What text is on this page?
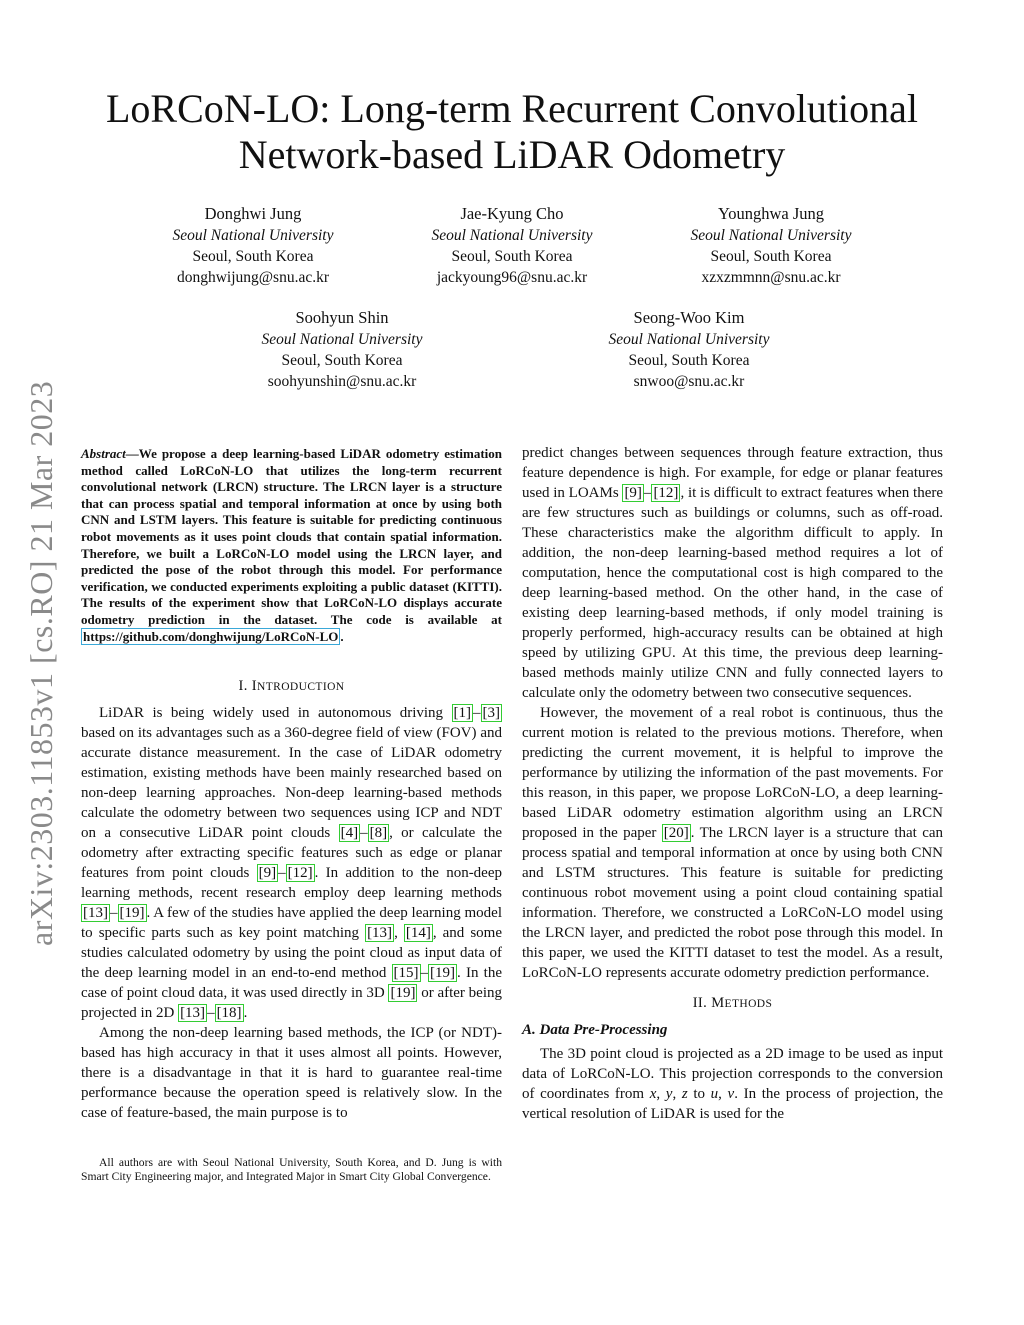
arXiv:2303.11853v1 [cs.RO] 21 Mar 2023
LoRCoN-LO: Long-term Recurrent Convolutional
Network-based LiDAR Odometry
Donghwi Jung
Seoul National University
Seoul, South Korea
donghwijung@snu.ac.kr
Jae-Kyung Cho
Seoul National University
Seoul, South Korea
jackyoung96@snu.ac.kr
Younghwa Jung
Seoul National University
Seoul, South Korea
xzxzmmnn@snu.ac.kr
Soohyun Shin
Seoul National University
Seoul, South Korea
soohyunshin@snu.ac.kr
Seong-Woo Kim
Seoul National University
Seoul, South Korea
snwoo@snu.ac.kr

Abstract—We propose a deep learning-based LiDAR odometry estimation method called LoRCoN-LO that utilizes the long-term recurrent convolutional network (LRCN) structure. The LRCN layer is a structure that can process spatial and temporal information at once by using both CNN and LSTM layers. This feature is suitable for predicting continuous robot movements as it uses point clouds that contain spatial information. Therefore, we built a LoRCoN-LO model using the LRCN layer, and predicted the pose of the robot through this model. For performance verification, we conducted experiments exploiting a public dataset (KITTI). The results of the experiment show that LoRCoN-LO displays accurate odometry prediction in the dataset. The code is available at https://github.com/donghwijung/LoRCoN-LO .

I. INTRODUCTION

LiDAR is being widely used in autonomous driving [1] – [3] based on its advantages such as a 360-degree field of view (FOV) and accurate distance measurement. In the case of LiDAR odometry estimation, existing methods have been mainly researched based on non-deep learning approaches. Non-deep learning-based methods calculate the odometry between two sequences using ICP and NDT on a consecutive LiDAR point clouds [4] – [8] , or calculate the odometry after extracting specific features such as edge or planar features from point clouds [9] – [12] . In addition to the non-deep learning methods, recent research employ deep learning methods [13] – [19] . A few of the studies have applied the deep learning model to specific parts such as key point matching [13] , [14] , and some studies calculated odometry by using the point cloud as input data of the deep learning model in an end-to-end method [15] – [19] . In the case of point cloud data, it was used directly in 3D [19] or after being projected in 2D [13] – [18] .

Among the non-deep learning based methods, the ICP (or NDT)-based has high accuracy in that it uses almost all points. However, there is a disadvantage in that it is hard to guarantee real-time performance because the operation speed is relatively slow. In the case of feature-based, the main purpose is to

All authors are with Seoul National University, South Korea, and D. Jung is with Smart City Engineering major, and Integrated Major in Smart City Global Convergence.

predict changes between sequences through feature extraction, thus feature dependence is high. For example, for edge or planar features used in LOAMs [9] – [12] , it is difficult to extract features when there are few structures such as buildings or columns, such as off-road. These characteristics make the algorithm difficult to apply. In addition, the non-deep learning-based method requires a lot of computation, hence the computational cost is high compared to the deep learning-based method. On the other hand, in the case of existing deep learning-based methods, if only model training is properly performed, high-accuracy results can be obtained at high speed by utilizing GPU. At this time, the previous deep learning-based methods mainly utilize CNN and fully connected layers to calculate only the odometry between two consecutive sequences.

However, the movement of a real robot is continuous, thus the current motion is related to the previous motions. Therefore, when predicting the current movement, it is helpful to improve the performance by utilizing the information of the past movements. For this reason, in this paper, we propose LoRCoN-LO, a deep learning-based LiDAR odometry estimation algorithm using an LRCN proposed in the paper [20] . The LRCN layer is a structure that can process spatial and temporal information at once by using both CNN and LSTM structures. This feature is suitable for predicting continuous robot movement using a point cloud containing spatial information. Therefore, we constructed a LoRCoN-LO model using the LRCN layer, and predicted the robot pose through this model. In this paper, we used the KITTI dataset to test the model. As a result, LoRCoN-LO represents accurate odometry prediction performance.

II. METHODS
A. Data Pre-Processing

The 3D point cloud is projected as a 2D image to be used as input data of LoRCoN-LO. This projection corresponds to the conversion of coordinates from x, y, z to u, v. In the process of projection, the vertical resolution of LiDAR is used for the
